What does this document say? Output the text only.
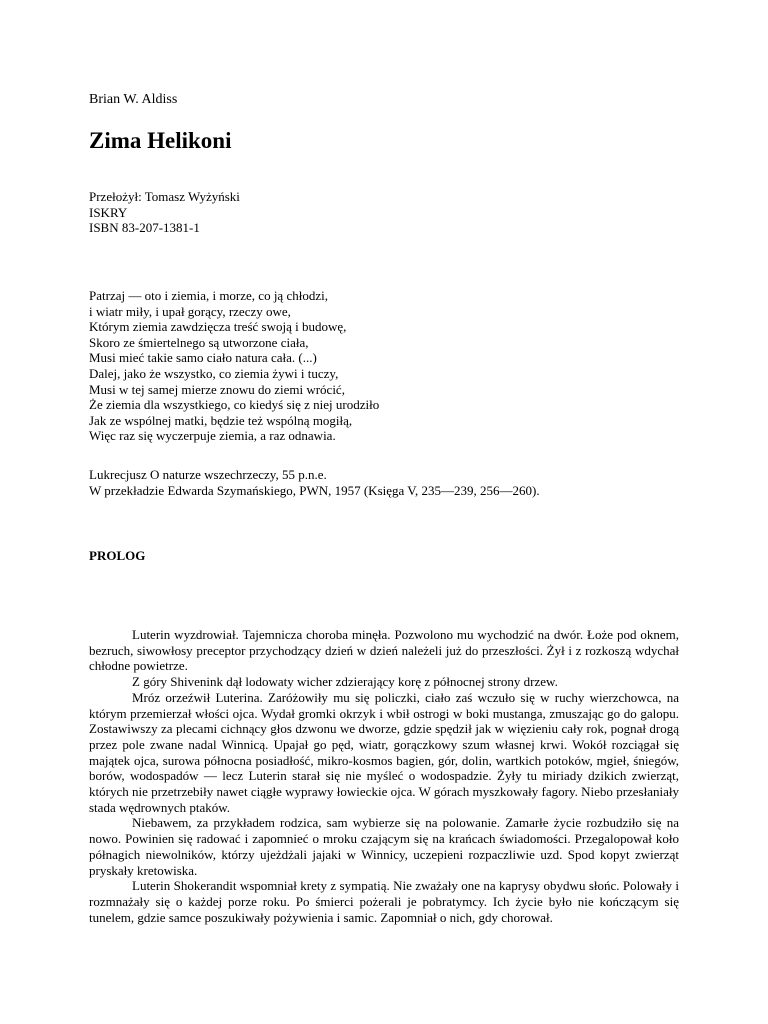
Brian W. Aldiss
Zima Helikoni
Przełożył: Tomasz Wyżyński
ISKRY
ISBN 83-207-1381-1
Patrzaj — oto i ziemia, i morze, co ją chłodzi,
i wiatr miły, i upał gorący, rzeczy owe,
Którym ziemia zawdzięcza treść swoją i budowę,
Skoro ze śmiertelnego są utworzone ciała,
Musi mieć takie samo ciało natura cała. (...)
Dalej, jako że wszystko, co ziemia żywi i tuczy,
Musi w tej samej mierze znowu do ziemi wrócić,
Że ziemia dla wszystkiego, co kiedyś się z niej urodziło
Jak ze wspólnej matki, będzie też wspólną mogiłą,
Więc raz się wyczerpuje ziemia, a raz odnawia.
Lukrecjusz O naturze wszechrzeczy, 55 p.n.e.
W przekładzie Edwarda Szymańskiego, PWN, 1957 (Księga V, 235—239, 256—260).
PROLOG

Luterin wyzdrowiał. Tajemnicza choroba minęła. Pozwolono mu wychodzić na dwór. Łoże pod oknem, bezruch, siwowłosy preceptor przychodzący dzień w dzień należeli już do przeszłości. Żył i z rozkoszą wdychał chłodne powietrze.

Z góry Shivenink dął lodowaty wicher zdzierający korę z północnej strony drzew.

Mróz orzeźwił Luterina. Zaróżowiły mu się policzki, ciało zaś wczuło się w ruchy wierzchowca, na którym przemierzał włości ojca. Wydał gromki okrzyk i wbił ostrogi w boki mustanga, zmuszając go do galopu. Zostawiwszy za plecami cichnący głos dzwonu we dworze, gdzie spędził jak w więzieniu cały rok, pognał drogą przez pole zwane nadal Winnicą. Upajał go pęd, wiatr, gorączkowy szum własnej krwi. Wokół rozciągał się majątek ojca, surowa północna posiadłość, mikro-kosmos bagien, gór, dolin, wartkich potoków, mgieł, śniegów, borów, wodospadów — lecz Luterin starał się nie myśleć o wodospadzie. Żyły tu miriady dzikich zwierząt, których nie przetrzebiły nawet ciągłe wyprawy łowieckie ojca. W górach myszkowały fagory. Niebo przesłaniały stada wędrownych ptaków.

Niebawem, za przykładem rodzica, sam wybierze się na polowanie. Zamarłe życie rozbudziło się na nowo. Powinien się radować i zapomnieć o mroku czającym się na krańcach świadomości. Przegalopował koło półnagich niewolników, którzy ujeżdżali jajaki w Winnicy, uczepieni rozpaczliwie uzd. Spod kopyt zwierząt pryskały kretowiska.

Luterin Shokerandit wspomniał krety z sympatią. Nie zważały one na kaprysy obydwu słońc. Polowały i rozmnażały się o każdej porze roku. Po śmierci pożerali je pobratymcy. Ich życie było nie kończącym się tunelem, gdzie samce poszukiwały pożywienia i samic. Zapomniał o nich, gdy chorował.
